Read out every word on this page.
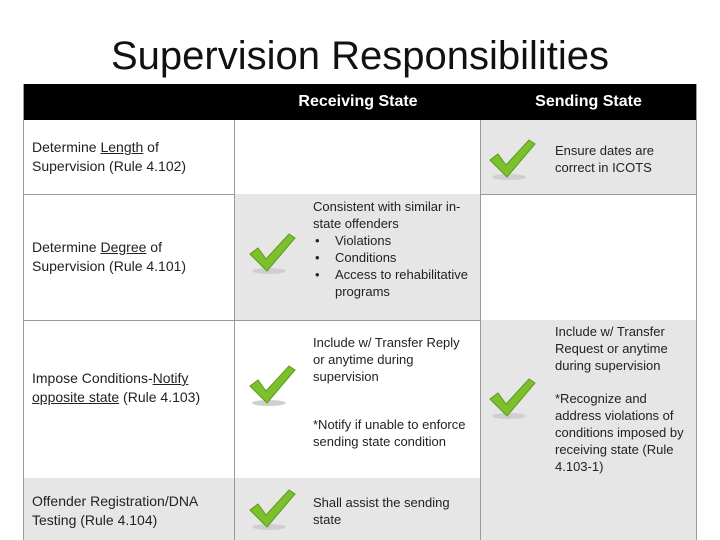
Supervision Responsibilities
Receiving State	Sending State
Determine Length of Supervision (Rule 4.102)
Ensure dates are correct in ICOTS
Determine Degree of Supervision (Rule 4.101)
Consistent with similar in-state offenders
• Violations
• Conditions
• Access to rehabilitative programs
Impose Conditions-Notify opposite state (Rule 4.103)
Include w/ Transfer Reply or anytime during supervision
*Notify if unable to enforce sending state condition
Include w/ Transfer Request or anytime during supervision
*Recognize and address violations of conditions imposed by receiving state (Rule 4.103-1)
Offender Registration/DNA Testing (Rule 4.104)
Shall assist the sending state
